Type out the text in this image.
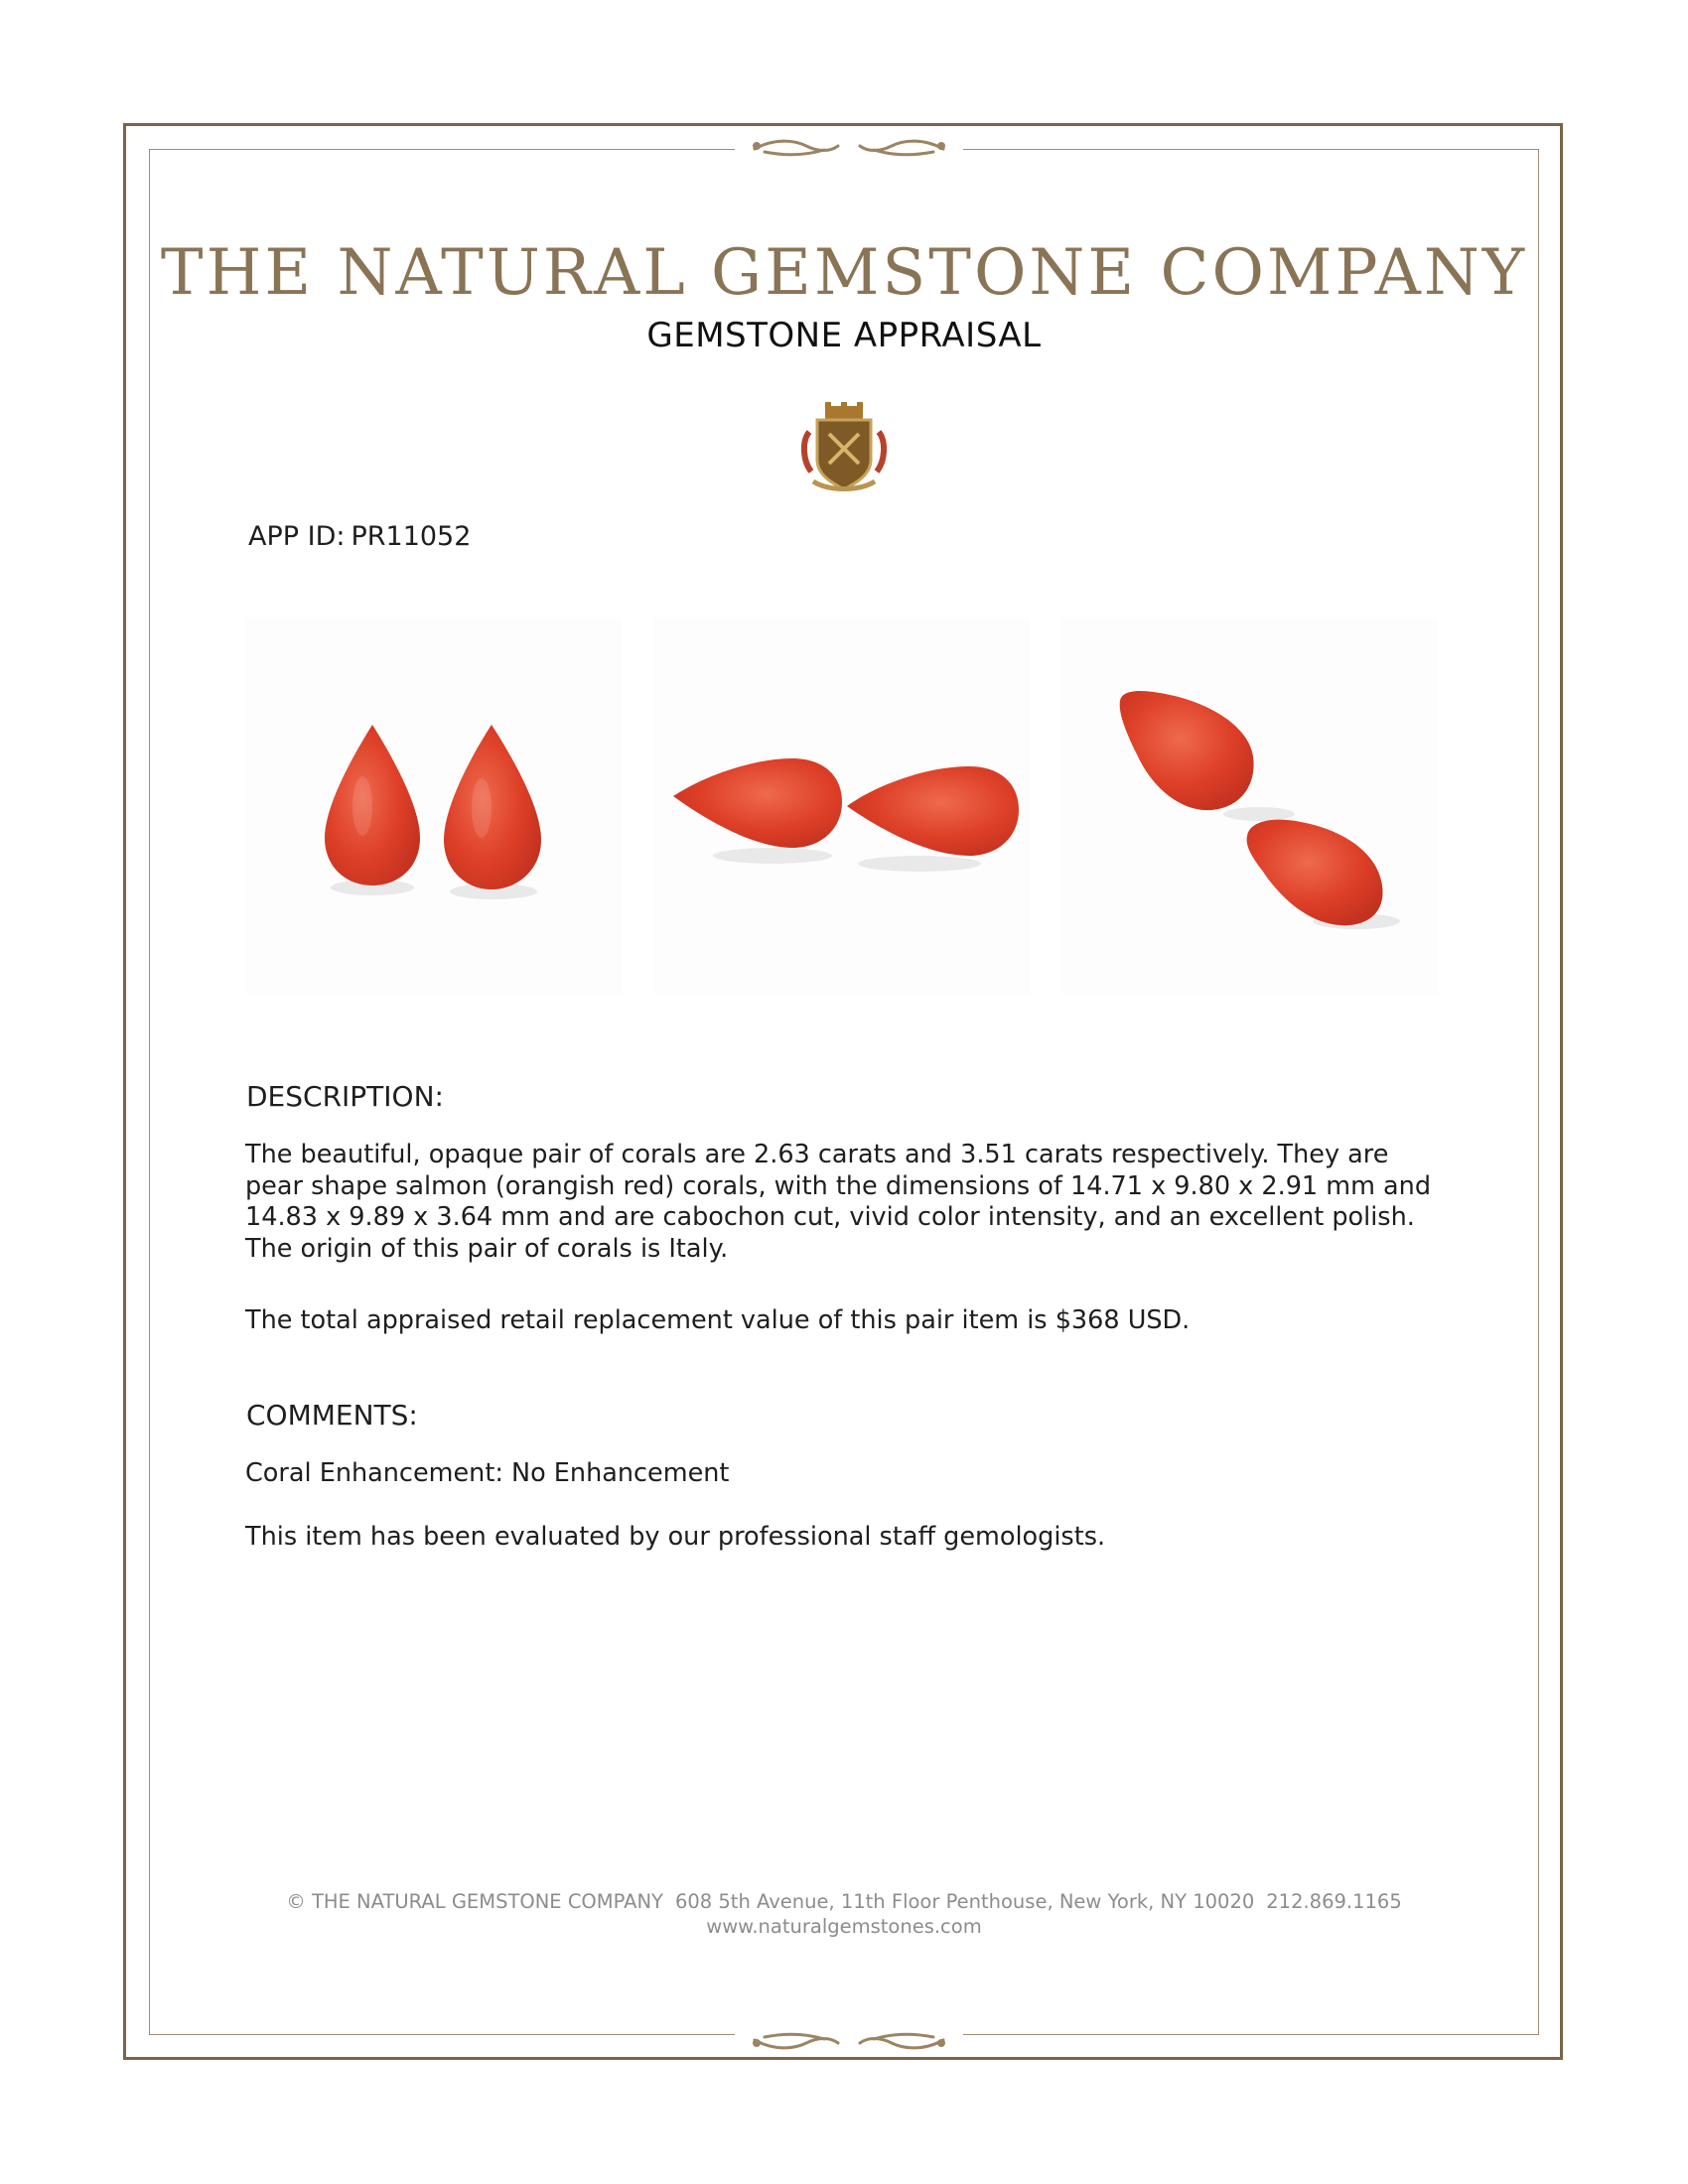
THE NATURAL GEMSTONE COMPANY
GEMSTONE APPRAISAL
APP ID: PR11052
DESCRIPTION:
The beautiful, opaque pair of corals are 2.63 carats and 3.51 carats respectively. They are pear shape salmon (orangish red) corals, with the dimensions of 14.71 x 9.80 x 2.91 mm and 14.83 x 9.89 x 3.64 mm and are cabochon cut, vivid color intensity, and an excellent polish. The origin of this pair of corals is Italy.
The total appraised retail replacement value of this pair item is $368 USD.
COMMENTS:
Coral Enhancement: No Enhancement
This item has been evaluated by our professional staff gemologists.
© THE NATURAL GEMSTONE COMPANY 608 5th Avenue, 11th Floor Penthouse, New York, NY 10020 212.869.1165
www.naturalgemstones.com
